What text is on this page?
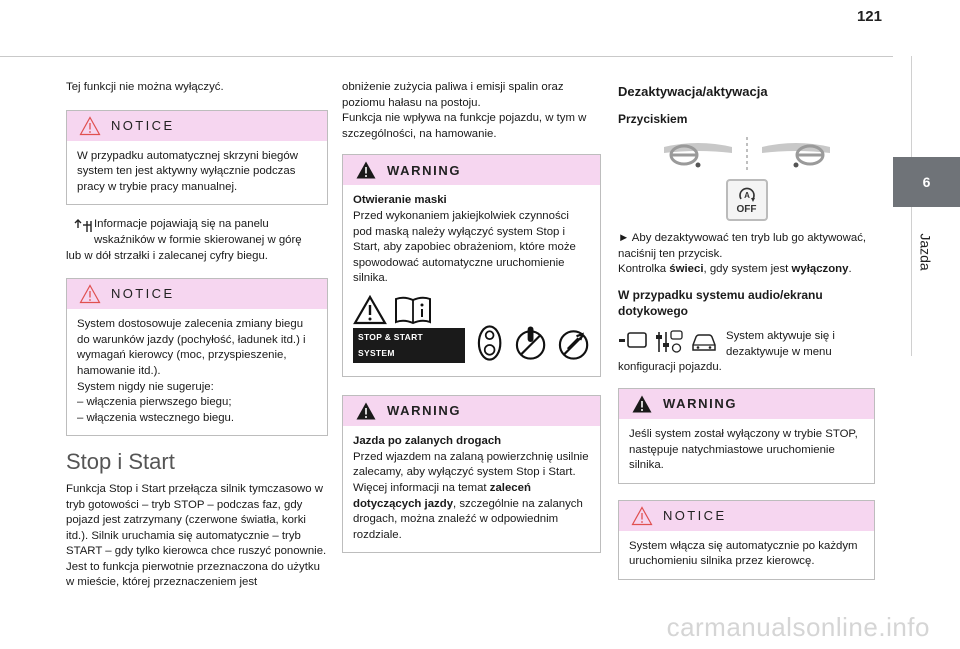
121
6
Jazda

Tej funkcji nie można wyłączyć.

NOTICE
W przypadku automatycznej skrzyni biegów system ten jest aktywny wyłącznie podczas pracy w trybie pracy manualnej.

Informacje pojawiają się na panelu wskaźników w formie skierowanej w górę

lub w dół strzałki i zalecanej cyfry biegu.

NOTICE

System dostosowuje zalecenia zmiany biegu do warunków jazdy (pochyłość, ładunek itd.) i wymagań kierowcy (moc, przyspieszenie, hamowanie itd.).

System nigdy nie sugeruje:

– włączenia pierwszego biegu;

– włączenia wstecznego biegu.

Stop i Start

Funkcja Stop i Start przełącza silnik tymczasowo w tryb gotowości – tryb STOP – podczas faz, gdy pojazd jest zatrzymany (czerwone światła, korki itd.). Silnik uruchamia się automatycznie – tryb START – gdy tylko kierowca chce ruszyć ponownie.

Jest to funkcja pierwotnie przeznaczona do użytku w mieście, której przeznaczeniem jest

obniżenie zużycia paliwa i emisji spalin oraz poziomu hałasu na postoju.

Funkcja nie wpływa na funkcje pojazdu, w tym w szczególności, na hamowanie.

WARNING

Otwieranie maski

Przed wykonaniem jakiejkolwiek czynności pod maską należy wyłączyć system Stop i Start, aby zapobiec obrażeniom, które może spowodować automatyczne uruchomienie silnika.

STOP & START SYSTEM
WARNING

Jazda po zalanych drogach

Przed wjazdem na zalaną powierzchnię usilnie zalecamy, aby wyłączyć system Stop i Start.

Więcej informacji na temat zaleceń dotyczących jazdy, szczególnie na zalanych drogach, można znaleźć w odpowiednim rozdziale.

Dezaktywacja/aktywacja
Przyciskiem
A
OFF

► Aby dezaktywować ten tryb lub go aktywować, naciśnij ten przycisk.

Kontrolka świeci, gdy system jest wyłączony.

W przypadku systemu audio/ekranu dotykowego

System aktywuje się i dezaktywuje w menu

konfiguracji pojazdu.

WARNING
Jeśli system został wyłączony w trybie STOP, następuje natychmiastowe uruchomienie silnika.
NOTICE
System włącza się automatycznie po każdym uruchomieniu silnika przez kierowcę.
carmanualsonline.info
